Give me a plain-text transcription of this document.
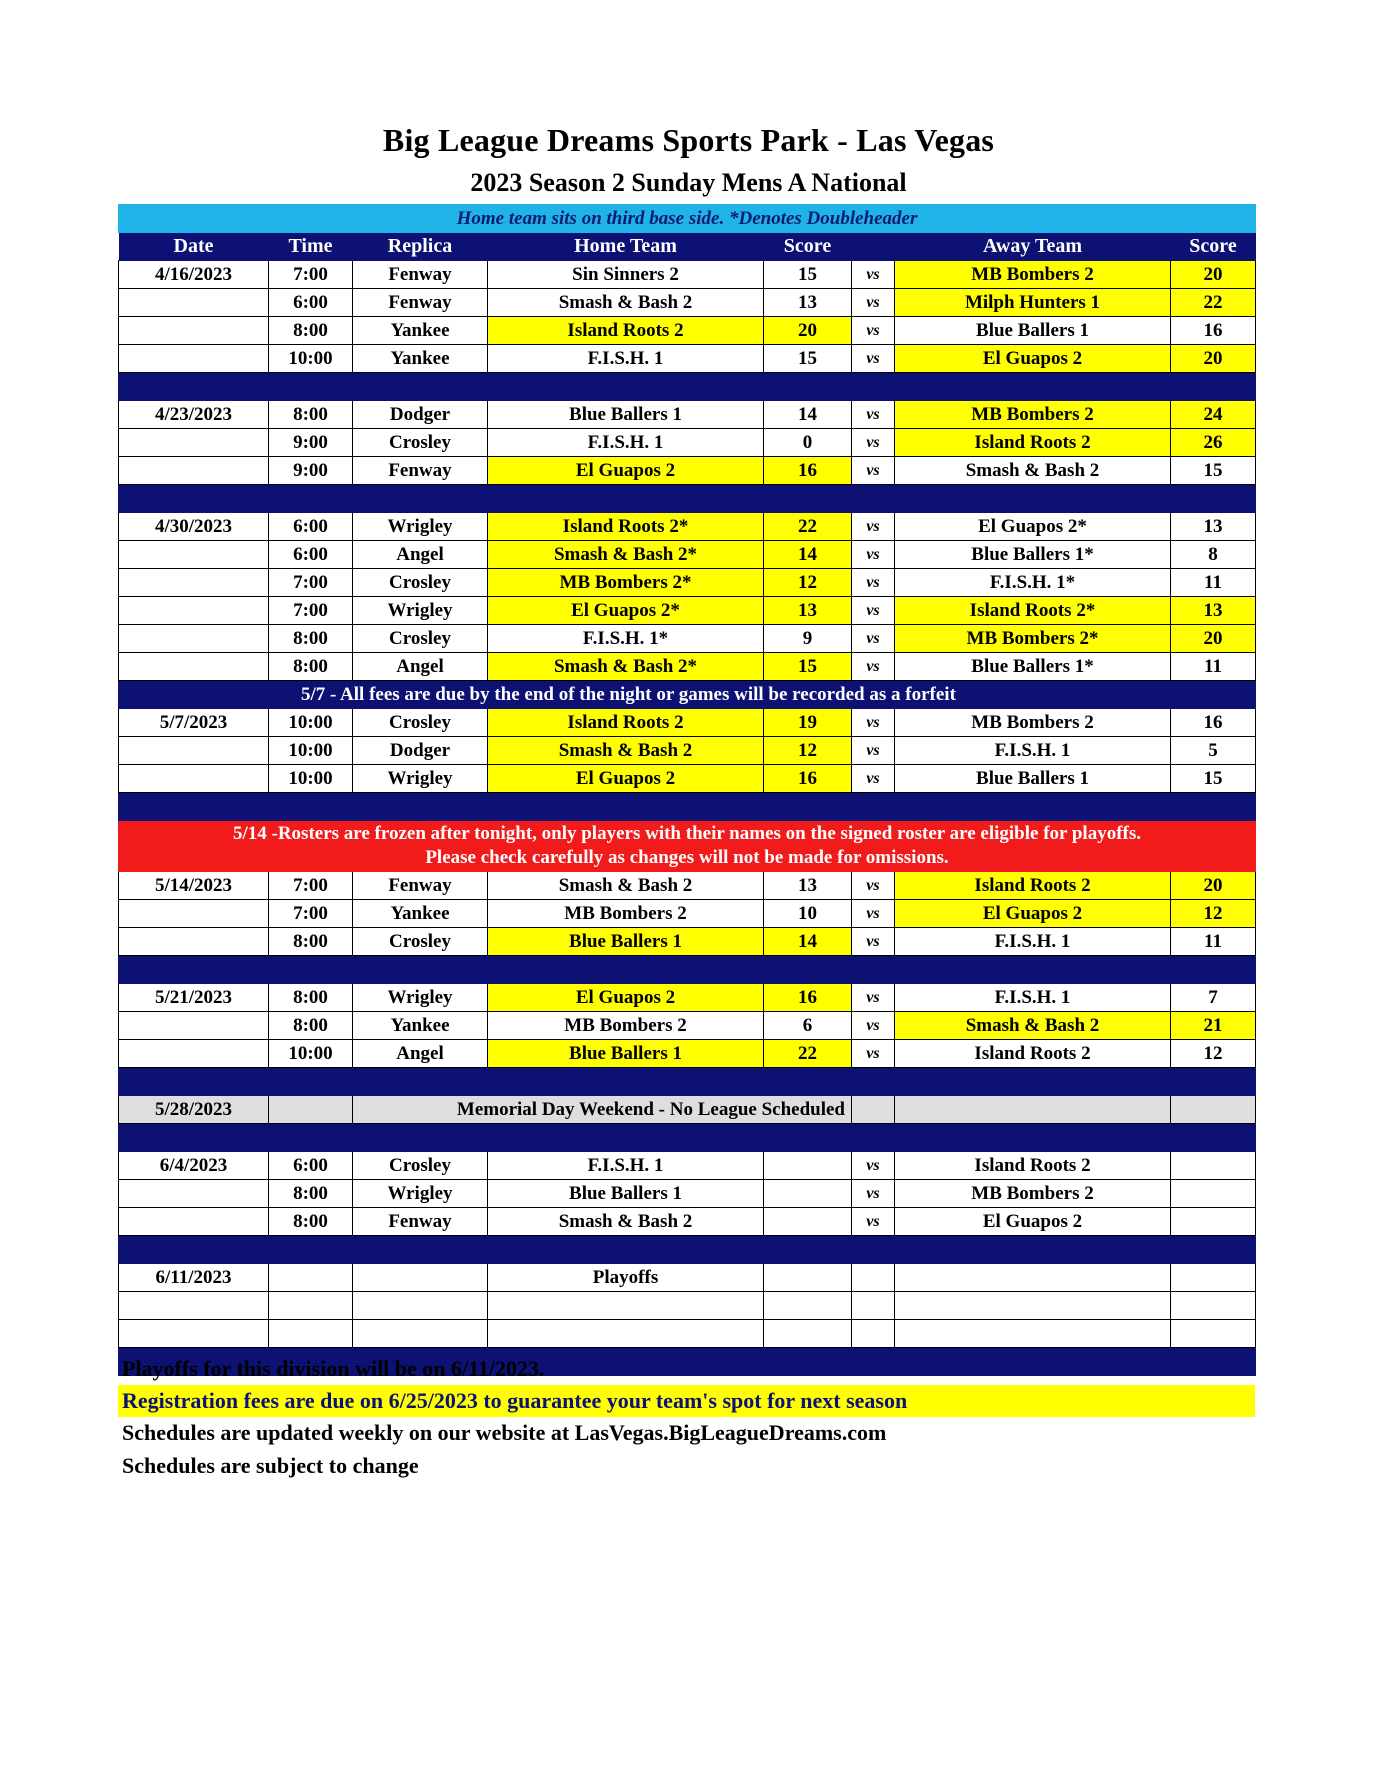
Big League Dreams Sports Park - Las Vegas
2023 Season 2 Sunday Mens A National
Home team sits on third base side. *Denotes Doubleheader							
Date	Time	Replica	Home Team	Score		Away Team	Score
4/16/2023	7:00	Fenway	Sin Sinners 2	15	vs	MB Bombers 2	20
	6:00	Fenway	Smash & Bash 2	13	vs	Milph Hunters 1	22
	8:00	Yankee	Island Roots 2	20	vs	Blue Ballers 1	16
	10:00	Yankee	F.I.S.H. 1	15	vs	El Guapos 2	20

4/23/2023	8:00	Dodger	Blue Ballers 1	14	vs	MB Bombers 2	24
	9:00	Crosley	F.I.S.H. 1	0	vs	Island Roots 2	26
	9:00	Fenway	El Guapos 2	16	vs	Smash & Bash 2	15

4/30/2023	6:00	Wrigley	Island Roots 2*	22	vs	El Guapos 2*	13
	6:00	Angel	Smash & Bash 2*	14	vs	Blue Ballers 1*	8
	7:00	Crosley	MB Bombers 2*	12	vs	F.I.S.H. 1*	11
	7:00	Wrigley	El Guapos 2*	13	vs	Island Roots 2*	13
	8:00	Crosley	F.I.S.H. 1*	9	vs	MB Bombers 2*	20
	8:00	Angel	Smash & Bash 2*	15	vs	Blue Ballers 1*	11
5/7 - All fees are due by the end of the night or games will be recorded as a forfeit							
5/7/2023	10:00	Crosley	Island Roots 2	19	vs	MB Bombers 2	16
	10:00	Dodger	Smash & Bash 2	12	vs	F.I.S.H. 1	5
	10:00	Wrigley	El Guapos 2	16	vs	Blue Ballers 1	15

5/14 -Rosters are frozen after tonight, only players with their names on the signed roster are eligible for playoffs.
Please check carefully as changes will not be made for omissions.							

5/14/2023	7:00	Fenway	Smash & Bash 2	13	vs	Island Roots 2	20
	7:00	Yankee	MB Bombers 2	10	vs	El Guapos 2	12
	8:00	Crosley	Blue Ballers 1	14	vs	F.I.S.H. 1	11

5/21/2023	8:00	Wrigley	El Guapos 2	16	vs	F.I.S.H. 1	7
	8:00	Yankee	MB Bombers 2	6	vs	Smash & Bash 2	21
	10:00	Angel	Blue Ballers 1	22	vs	Island Roots 2	12

5/28/2023		Memorial Day Weekend - No League Scheduled					

6/4/2023	6:00	Crosley	F.I.S.H. 1		vs	Island Roots 2	
	8:00	Wrigley	Blue Ballers 1		vs	MB Bombers 2	
	8:00	Fenway	Smash & Bash 2		vs	El Guapos 2	

6/11/2023			Playoffs				

Playoffs for this division will be on 6/11/2023.
Registration fees are due on 6/25/2023 to guarantee your team's spot for next season
Schedules are updated weekly on our website at LasVegas.BigLeagueDreams.com
Schedules are subject to change
